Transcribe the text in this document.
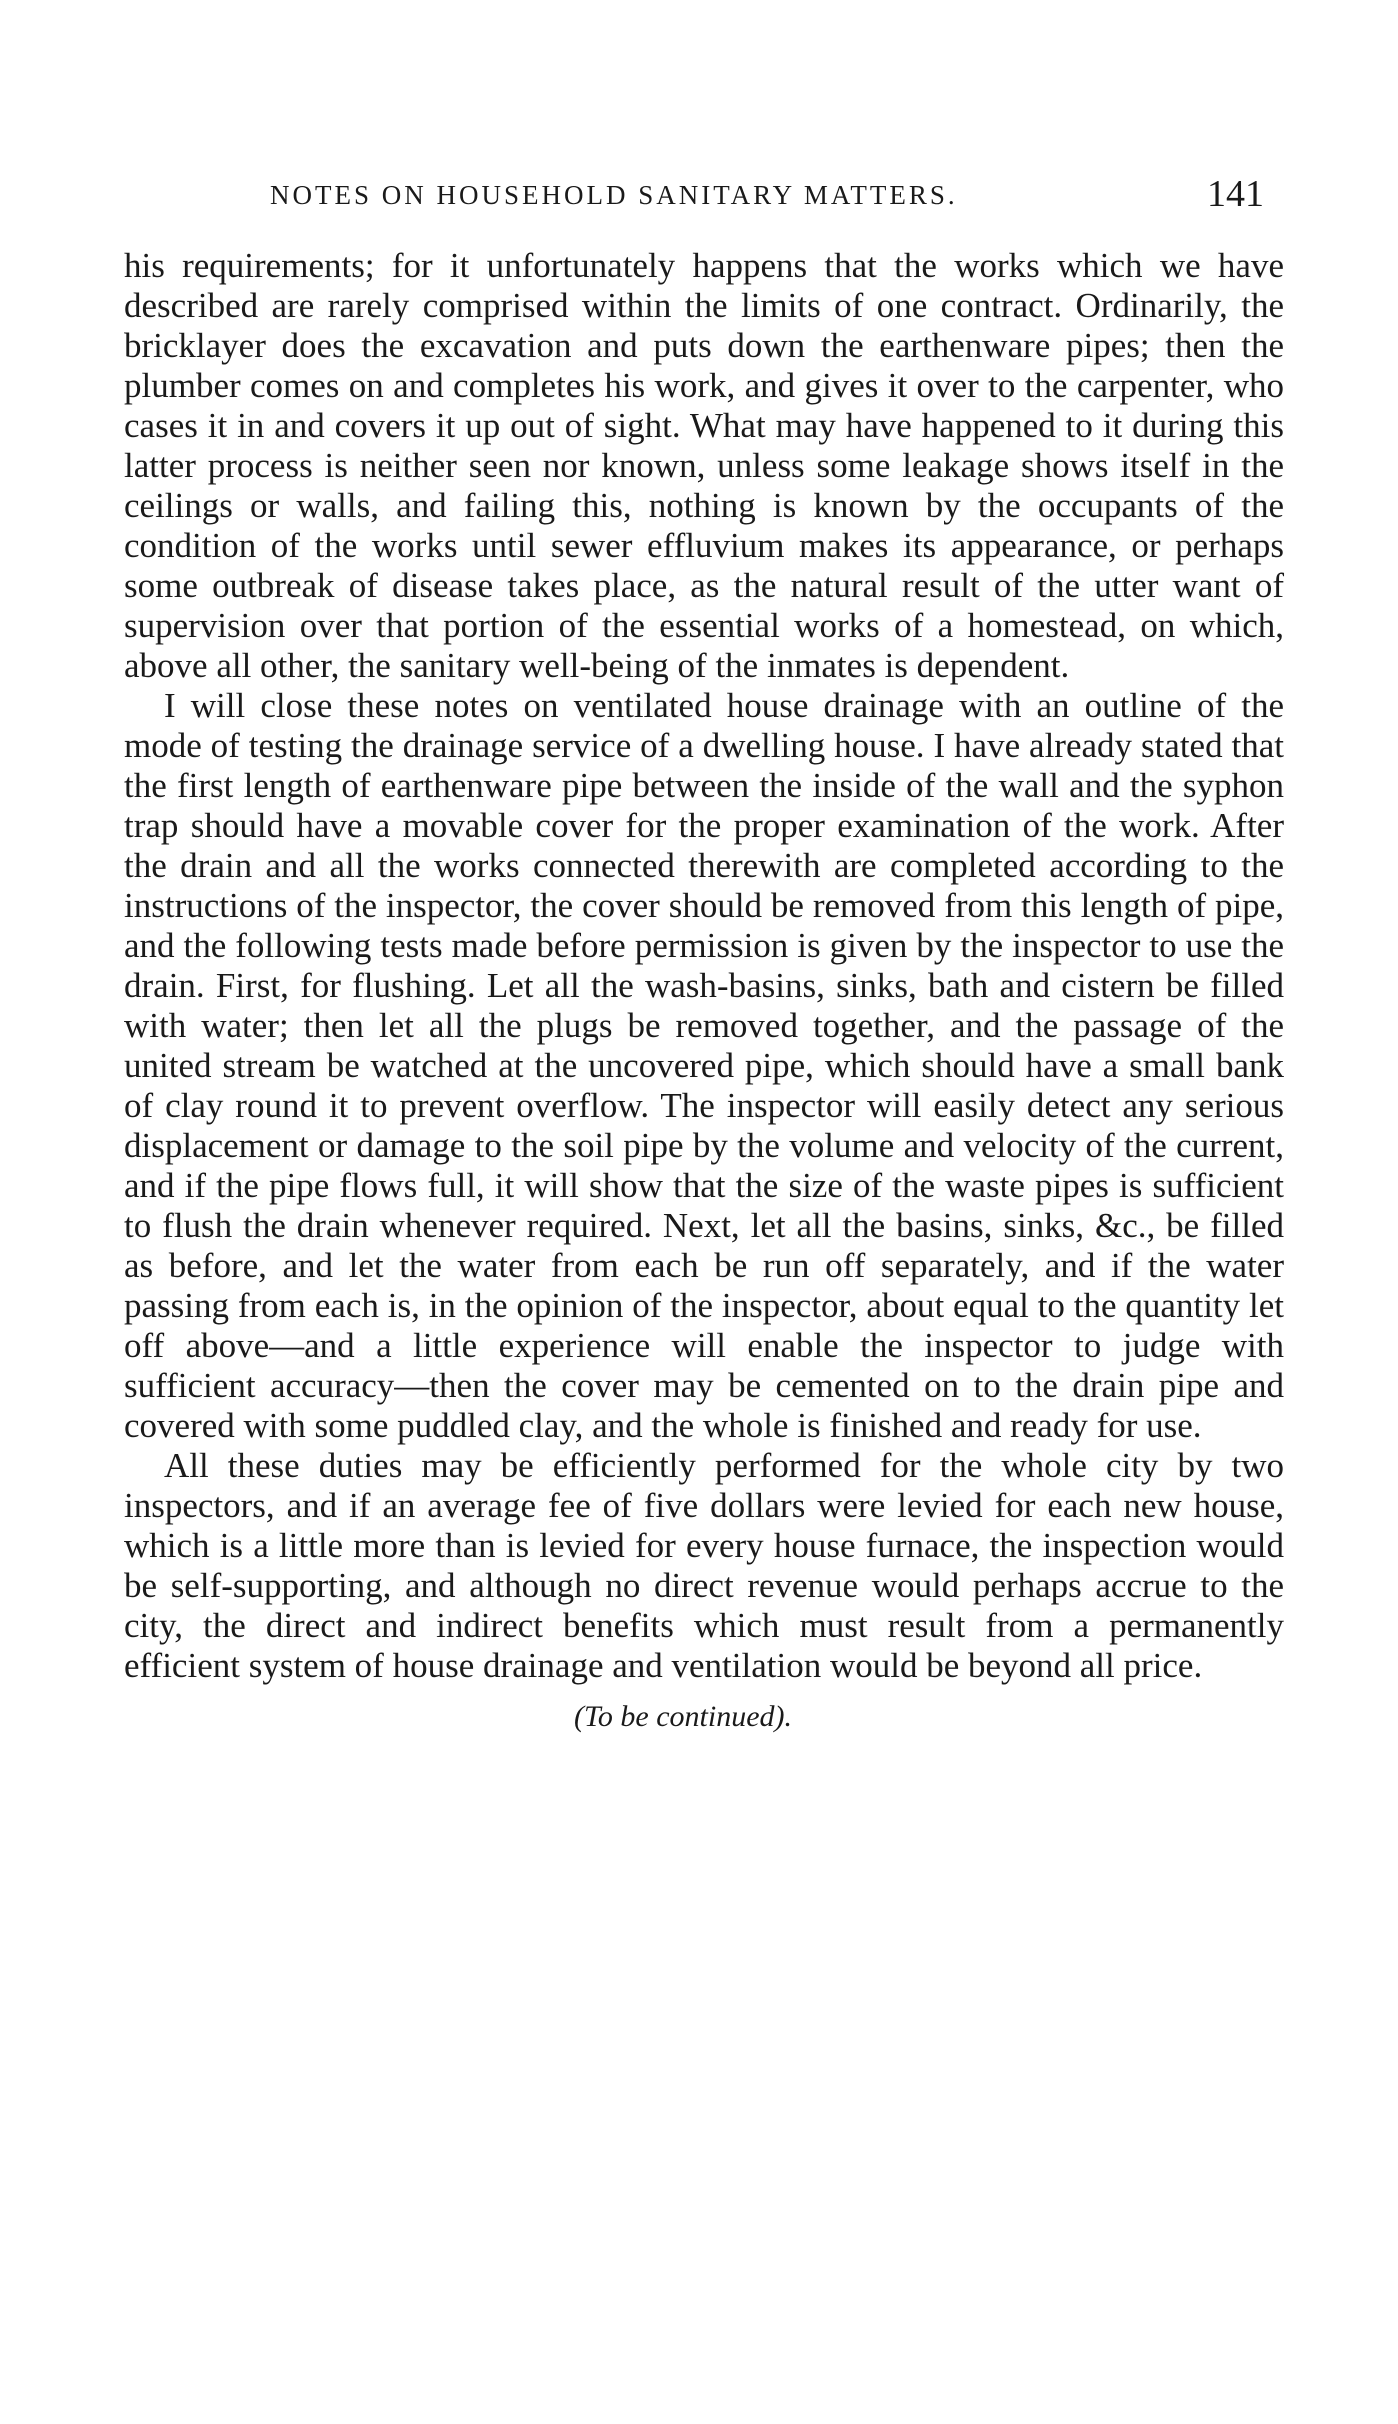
NOTES ON HOUSEHOLD SANITARY MATTERS.	141

his requirements; for it unfortunately happens that the works which we have described are rarely comprised within the limits of one contract. Ordinarily, the bricklayer does the excavation and puts down the earthenware pipes; then the plumber comes on and completes his work, and gives it over to the carpenter, who cases it in and covers it up out of sight. What may have happened to it during this latter process is neither seen nor known, unless some leakage shows itself in the ceilings or walls, and failing this, nothing is known by the occupants of the condition of the works until sewer effluvium makes its appearance, or perhaps some outbreak of disease takes place, as the natural result of the utter want of supervision over that portion of the essential works of a homestead, on which, above all other, the sanitary well-being of the inmates is dependent.

I will close these notes on ventilated house drainage with an outline of the mode of testing the drainage service of a dwelling house. I have already stated that the first length of earthenware pipe between the inside of the wall and the syphon trap should have a movable cover for the proper examination of the work. After the drain and all the works connected therewith are completed according to the instructions of the inspector, the cover should be removed from this length of pipe, and the following tests made before permission is given by the inspector to use the drain. First, for flushing. Let all the wash-basins, sinks, bath and cistern be filled with water; then let all the plugs be removed together, and the passage of the united stream be watched at the uncovered pipe, which should have a small bank of clay round it to prevent overflow. The inspector will easily detect any serious displacement or damage to the soil pipe by the volume and velocity of the current, and if the pipe flows full, it will show that the size of the waste pipes is sufficient to flush the drain whenever required. Next, let all the basins, sinks, &c., be filled as before, and let the water from each be run off separately, and if the water passing from each is, in the opinion of the inspector, about equal to the quantity let off above—and a little experience will enable the inspector to judge with sufficient accuracy—then the cover may be cemented on to the drain pipe and covered with some puddled clay, and the whole is finished and ready for use.

All these duties may be efficiently performed for the whole city by two inspectors, and if an average fee of five dollars were levied for each new house, which is a little more than is levied for every house furnace, the inspection would be self-supporting, and although no direct revenue would perhaps accrue to the city, the direct and indirect benefits which must result from a permanently efficient system of house drainage and ventilation would be beyond all price.

(To be continued).
